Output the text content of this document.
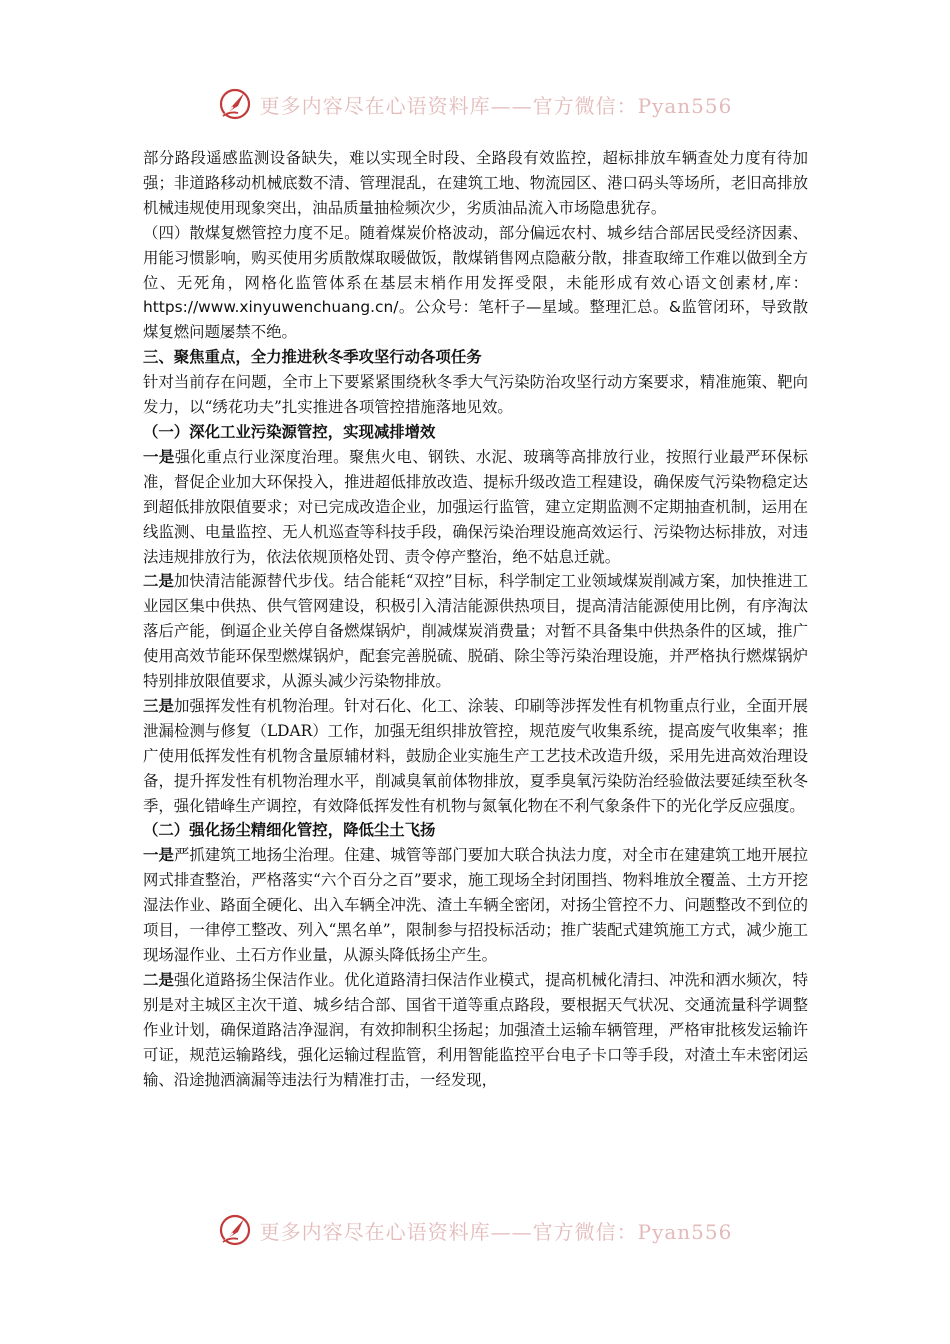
更多内容尽在心语资料库——官方微信：Pyan556

部分路段遥感监测设备缺失，难以实现全时段、全路段有效监控，超标排放车辆查处力度有待加强；非道路移动机械底数不清、管理混乱，在建筑工地、物流园区、港口码头等场所，老旧高排放机械违规使用现象突出，油品质量抽检频次少，劣质油品流入市场隐患犹存。

（四）散煤复燃管控力度不足。随着煤炭价格波动，部分偏远农村、城乡结合部居民受经济因素、用能习惯影响，购买使用劣质散煤取暖做饭，散煤销售网点隐蔽分散，排查取缔工作难以做到全方位、无死角，网格化监管体系在基层末梢作用发挥受限，未能形成有效心语文创素材,库：https://www.xinyuwenchuang.cn/。公众号：笔杆子—星域。整理汇总。&监管闭环，导致散煤复燃问题屡禁不绝。

三、聚焦重点，全力推进秋冬季攻坚行动各项任务

针对当前存在问题，全市上下要紧紧围绕秋冬季大气污染防治攻坚行动方案要求，精准施策、靶向发力，以“绣花功夫”扎实推进各项管控措施落地见效。

（一）深化工业污染源管控，实现减排增效

一是强化重点行业深度治理。聚焦火电、钢铁、水泥、玻璃等高排放行业，按照行业最严环保标准，督促企业加大环保投入，推进超低排放改造、提标升级改造工程建设，确保废气污染物稳定达到超低排放限值要求；对已完成改造企业，加强运行监管，建立定期监测不定期抽查机制，运用在线监测、电量监控、无人机巡查等科技手段，确保污染治理设施高效运行、污染物达标排放，对违法违规排放行为，依法依规顶格处罚、责令停产整治，绝不姑息迁就。

二是加快清洁能源替代步伐。结合能耗“双控”目标，科学制定工业领域煤炭削减方案，加快推进工业园区集中供热、供气管网建设，积极引入清洁能源供热项目，提高清洁能源使用比例，有序淘汰落后产能，倒逼企业关停自备燃煤锅炉，削减煤炭消费量；对暂不具备集中供热条件的区域，推广使用高效节能环保型燃煤锅炉，配套完善脱硫、脱硝、除尘等污染治理设施，并严格执行燃煤锅炉特别排放限值要求，从源头减少污染物排放。

三是加强挥发性有机物治理。针对石化、化工、涂装、印刷等涉挥发性有机物重点行业，全面开展泄漏检测与修复（LDAR）工作，加强无组织排放管控，规范废气收集系统，提高废气收集率；推广使用低挥发性有机物含量原辅材料，鼓励企业实施生产工艺技术改造升级，采用先进高效治理设备，提升挥发性有机物治理水平，削减臭氧前体物排放，夏季臭氧污染防治经验做法要延续至秋冬季，强化错峰生产调控，有效降低挥发性有机物与氮氧化物在不利气象条件下的光化学反应强度。

（二）强化扬尘精细化管控，降低尘土飞扬

一是严抓建筑工地扬尘治理。住建、城管等部门要加大联合执法力度，对全市在建建筑工地开展拉网式排查整治，严格落实“六个百分之百”要求，施工现场全封闭围挡、物料堆放全覆盖、土方开挖湿法作业、路面全硬化、出入车辆全冲洗、渣土车辆全密闭，对扬尘管控不力、问题整改不到位的项目，一律停工整改、列入“黑名单”，限制参与招投标活动；推广装配式建筑施工方式，减少施工现场湿作业、土石方作业量，从源头降低扬尘产生。

二是强化道路扬尘保洁作业。优化道路清扫保洁作业模式，提高机械化清扫、冲洗和洒水频次，特别是对主城区主次干道、城乡结合部、国省干道等重点路段，要根据天气状况、交通流量科学调整作业计划，确保道路洁净湿润，有效抑制积尘扬起；加强渣土运输车辆管理，严格审批核发运输许可证，规范运输路线，强化运输过程监管，利用智能监控平台电子卡口等手段，对渣土车未密闭运输、沿途抛洒滴漏等违法行为精准打击，一经发现，

更多内容尽在心语资料库——官方微信：Pyan556
